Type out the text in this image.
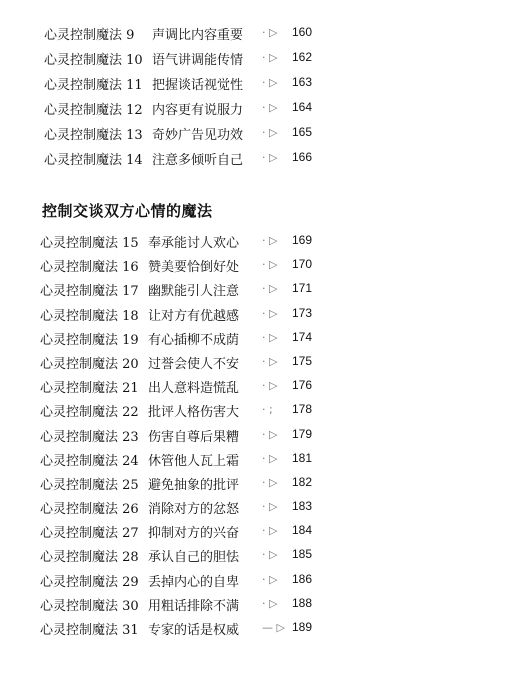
心灵控制魔法 9 声调比内容重要 · ▷ 160
心灵控制魔法 10 语气讲调能传情 · ▷ 162
心灵控制魔法 11 把握谈话视觉性 · ▷ 163
心灵控制魔法 12 内容更有说服力 · ▷ 164
心灵控制魔法 13 奇妙广告见功效 · ▷ 165
心灵控制魔法 14 注意多倾听自己 · ▷ 166
控制交谈双方心情的魔法
心灵控制魔法 15 奉承能讨人欢心 · ▷ 169
心灵控制魔法 16 赞美要恰倒好处 · ▷ 170
心灵控制魔法 17 幽默能引人注意 · ▷ 171
心灵控制魔法 18 让对方有优越感 · ▷ 173
心灵控制魔法 19 有心插柳不成荫 · ▷ 174
心灵控制魔法 20 过誉会使人不安 · ▷ 175
心灵控制魔法 21 出人意料造慌乱 · ▷ 176
心灵控制魔法 22 批评人格伤害大 · ; 178
心灵控制魔法 23 伤害自尊后果糟 · ▷ 179
心灵控制魔法 24 休管他人瓦上霜 · ▷ 181
心灵控制魔法 25 避免抽象的批评 · ▷ 182
心灵控制魔法 26 消除对方的忿怒 · ▷ 183
心灵控制魔法 27 抑制对方的兴奋 · ▷ 184
心灵控制魔法 28 承认自己的胆怯 · ▷ 185
心灵控制魔法 29 丢掉内心的自卑 · ▷ 186
心灵控制魔法 30 用粗话排除不满 · ▷ 188
心灵控制魔法 31 专家的话是权威 — ▷ 189
